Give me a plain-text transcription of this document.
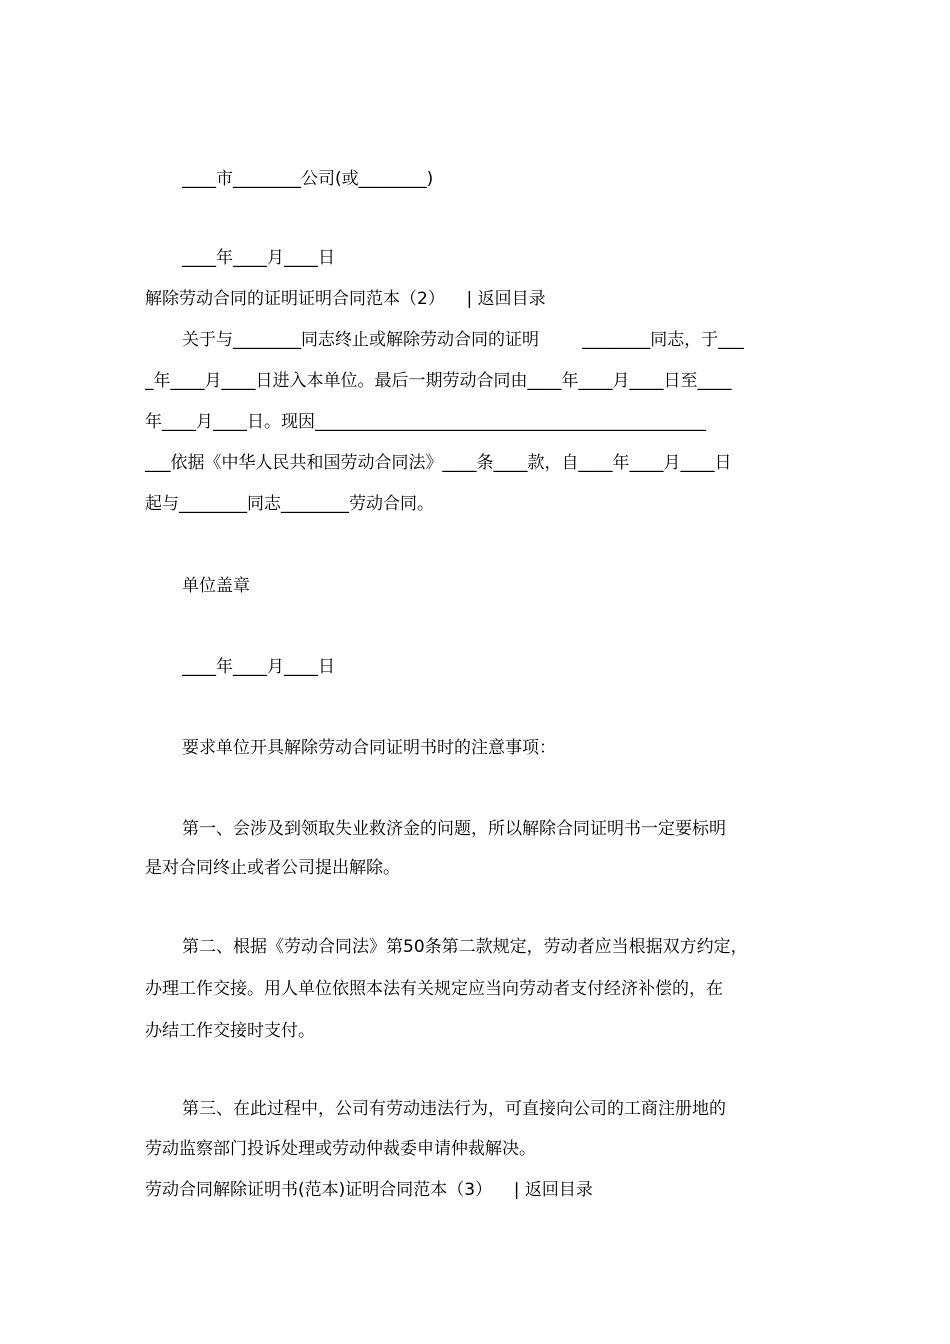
____市________公司(或________)

____年____月____日

解除劳动合同的证明证明合同范本（2） | 返回目录

关于与________同志终止或解除劳动合同的证明        ________同志，于___

_年____月____日进入本单位。最后一期劳动合同由____年____月____日至____

年____月____日。现因______________________________________________

___依据《中华人民共和国劳动合同法》____条____款，自____年____月____日

起与________同志________劳动合同。

单位盖章

____年____月____日

要求单位开具解除劳动合同证明书时的注意事项：

第一、会涉及到领取失业救济金的问题，所以解除合同证明书一定要标明

是对合同终止或者公司提出解除。

第二、根据《劳动合同法》第50条第二款规定，劳动者应当根据双方约定，

办理工作交接。用人单位依照本法有关规定应当向劳动者支付经济补偿的，在

办结工作交接时支付。

第三、在此过程中，公司有劳动违法行为，可直接向公司的工商注册地的

劳动监察部门投诉处理或劳动仲裁委申请仲裁解决。

劳动合同解除证明书(范本)证明合同范本（3） | 返回目录
